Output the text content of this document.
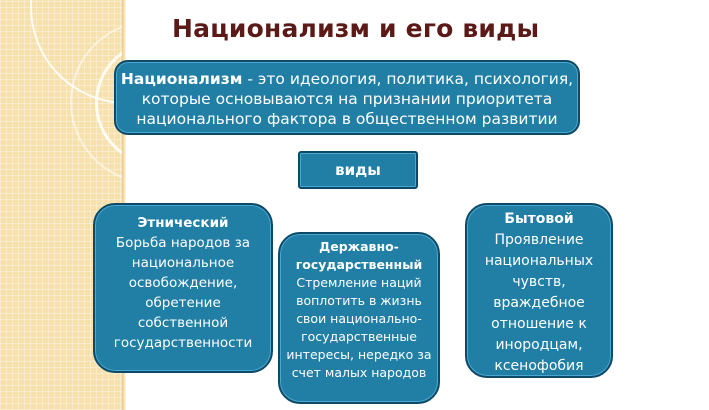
Национализм и его виды
Национализм - это идеология, политика, психология, которые основываются на признании приоритета национального фактора в общественном развитии
виды
Этнический
Борьба народов за национальное освобождение, обретение собственной государственности
Державно-государственный
Стремление наций воплотить в жизнь свои национально-государственные интересы, нередко за счет малых народов
Бытовой
Проявление национальных чувств, враждебное отношение к инородцам, ксенофобия
